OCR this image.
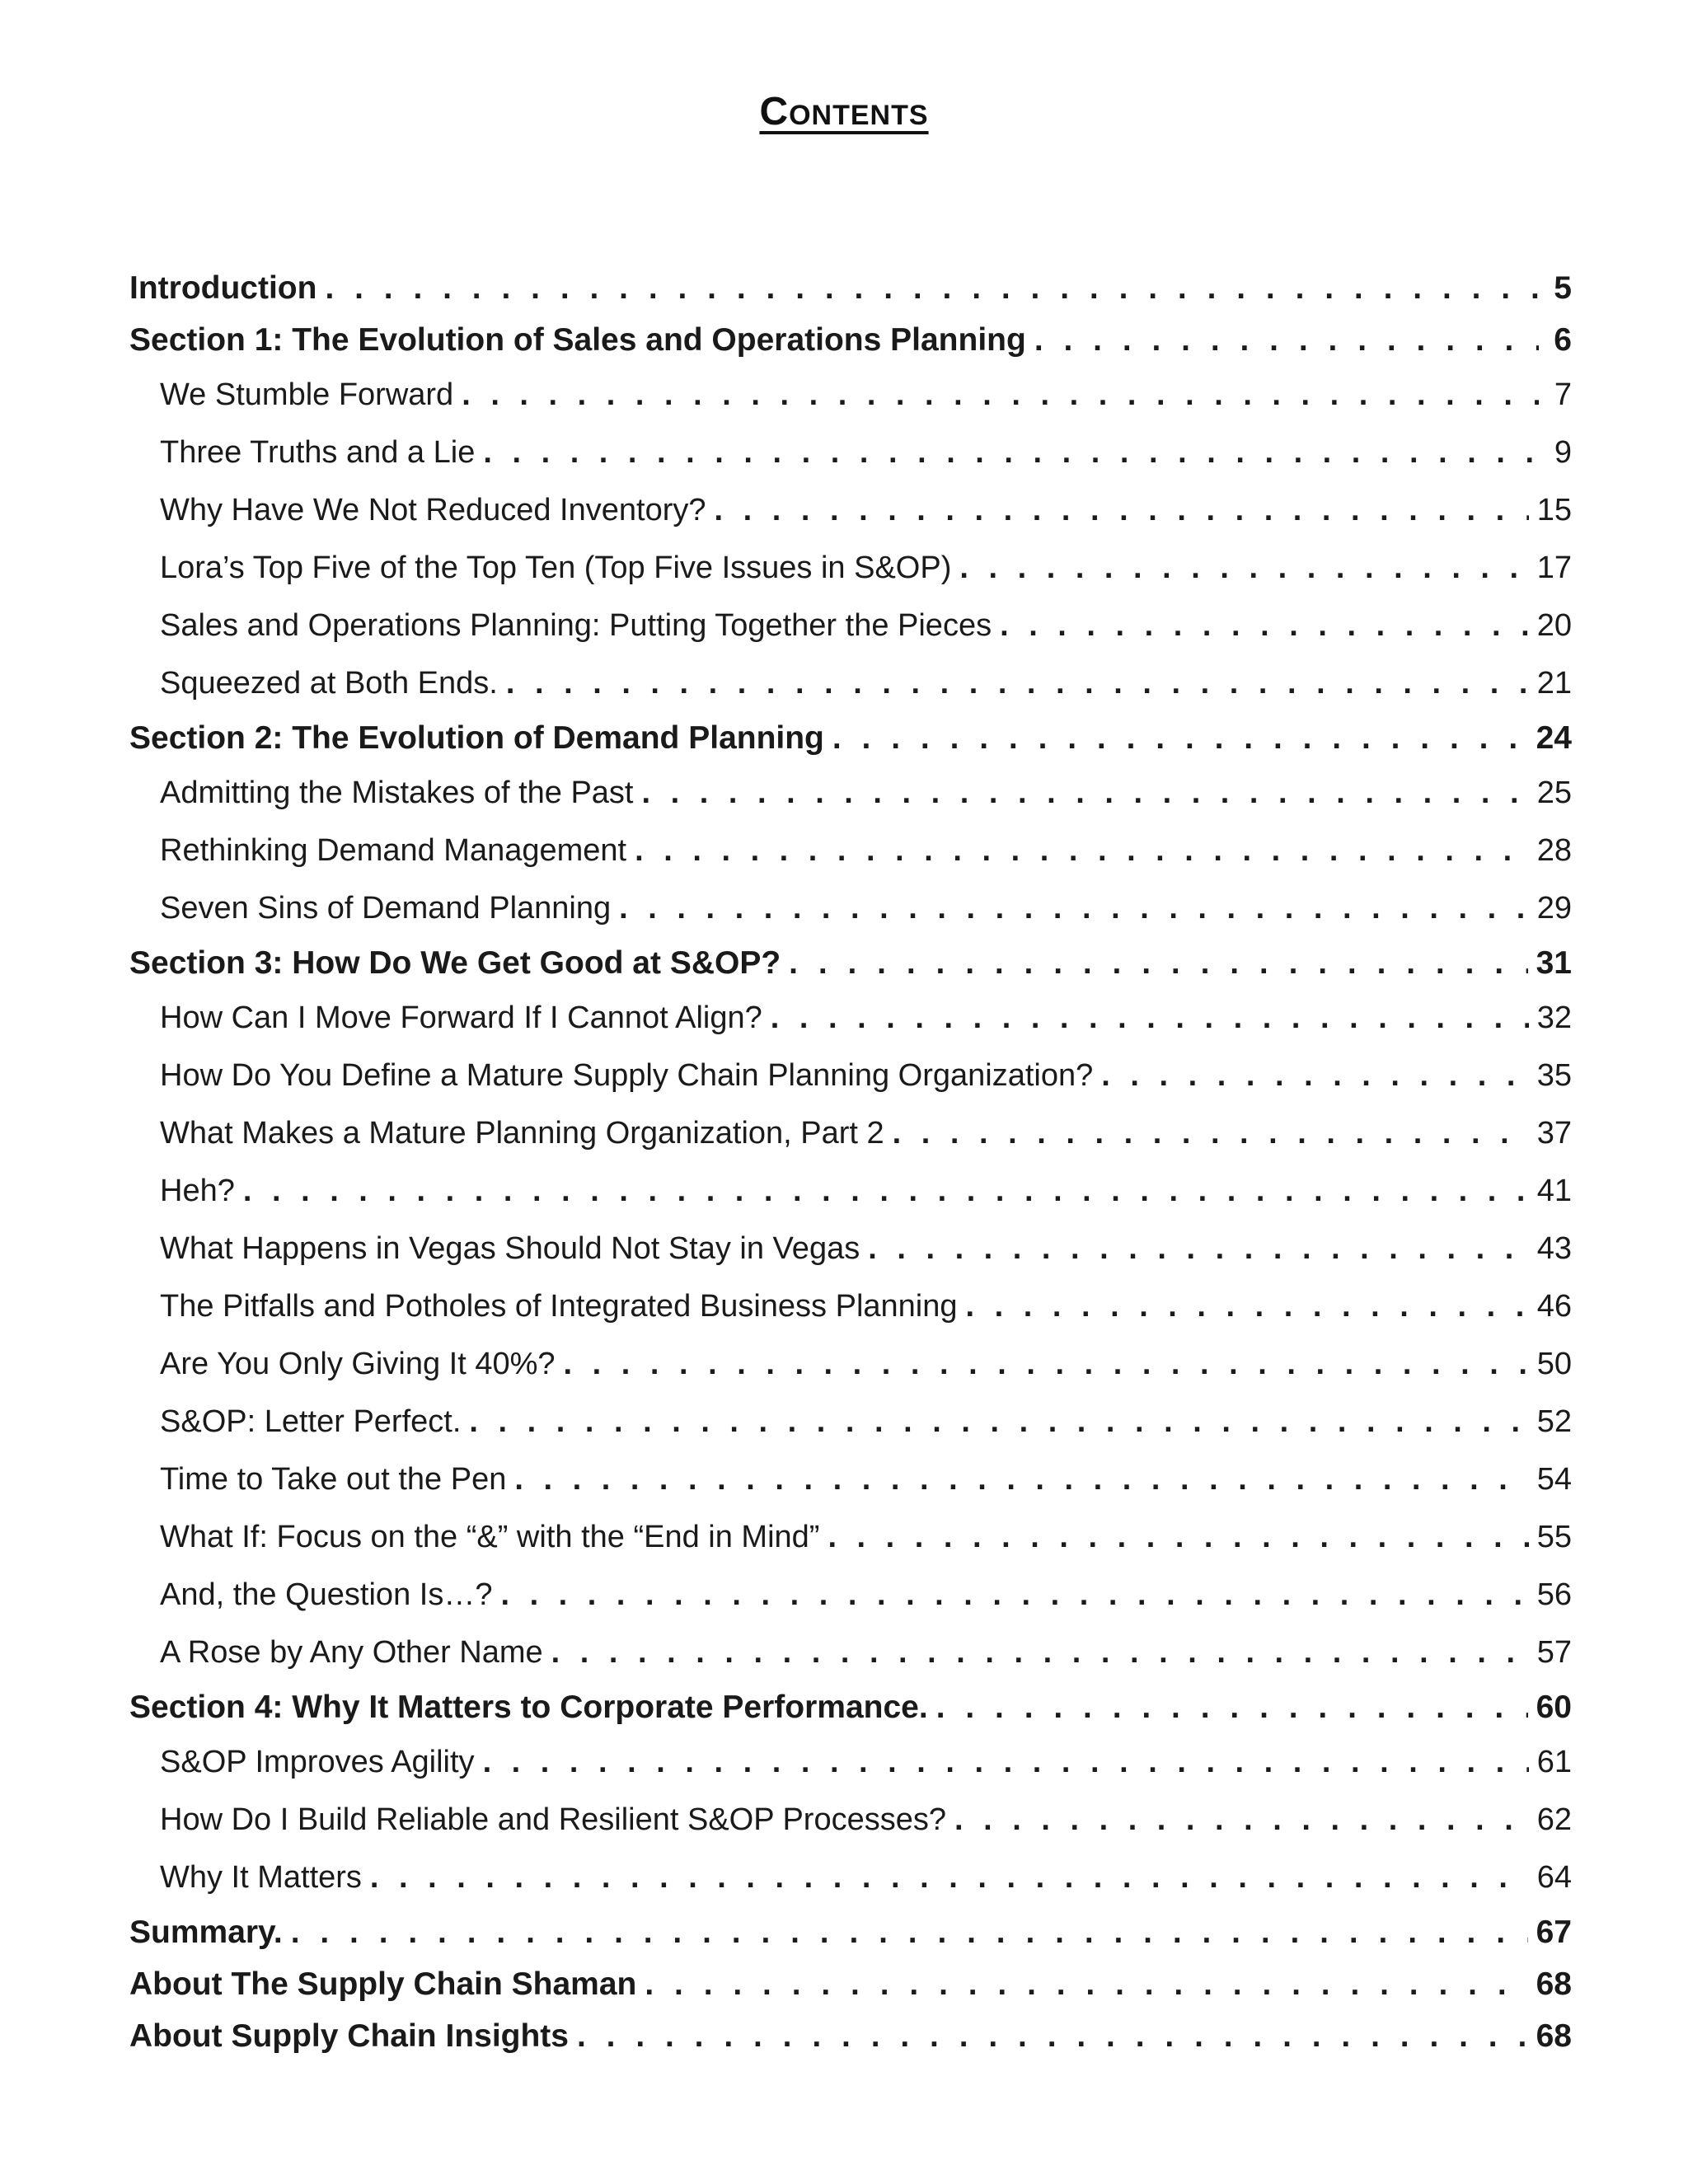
Contents
Introduction . . .	5
Section 1: The Evolution of Sales and Operations Planning . . .	6
We Stumble Forward . . .	7
Three Truths and a Lie . . .	9
Why Have We Not Reduced Inventory? . . .	15
Lora’s Top Five of the Top Ten (Top Five Issues in S&OP) . . .	17
Sales and Operations Planning: Putting Together the Pieces . . .	20
Squeezed at Both Ends. . . .	21
Section 2: The Evolution of Demand Planning . . .	24
Admitting the Mistakes of the Past . . .	25
Rethinking Demand Management . . .	28
Seven Sins of Demand Planning . . .	29
Section 3: How Do We Get Good at S&OP? . . .	31
How Can I Move Forward If I Cannot Align? . . .	32
How Do You Define a Mature Supply Chain Planning Organization? . . .	35
What Makes a Mature Planning Organization, Part 2 . . .	37
Heh? . . .	41
What Happens in Vegas Should Not Stay in Vegas . . .	43
The Pitfalls and Potholes of Integrated Business Planning . . .	46
Are You Only Giving It 40%? . . .	50
S&OP: Letter Perfect. . . .	52
Time to Take out the Pen . . .	54
What If: Focus on the “&” with the “End in Mind” . . .	55
And, the Question Is…? . . .	56
A Rose by Any Other Name . . .	57
Section 4: Why It Matters to Corporate Performance. . . .	60
S&OP Improves Agility . . .	61
How Do I Build Reliable and Resilient S&OP Processes? . . .	62
Why It Matters . . .	64
Summary. . . .	67
About The Supply Chain Shaman . . .	68
About Supply Chain Insights . . .	68
